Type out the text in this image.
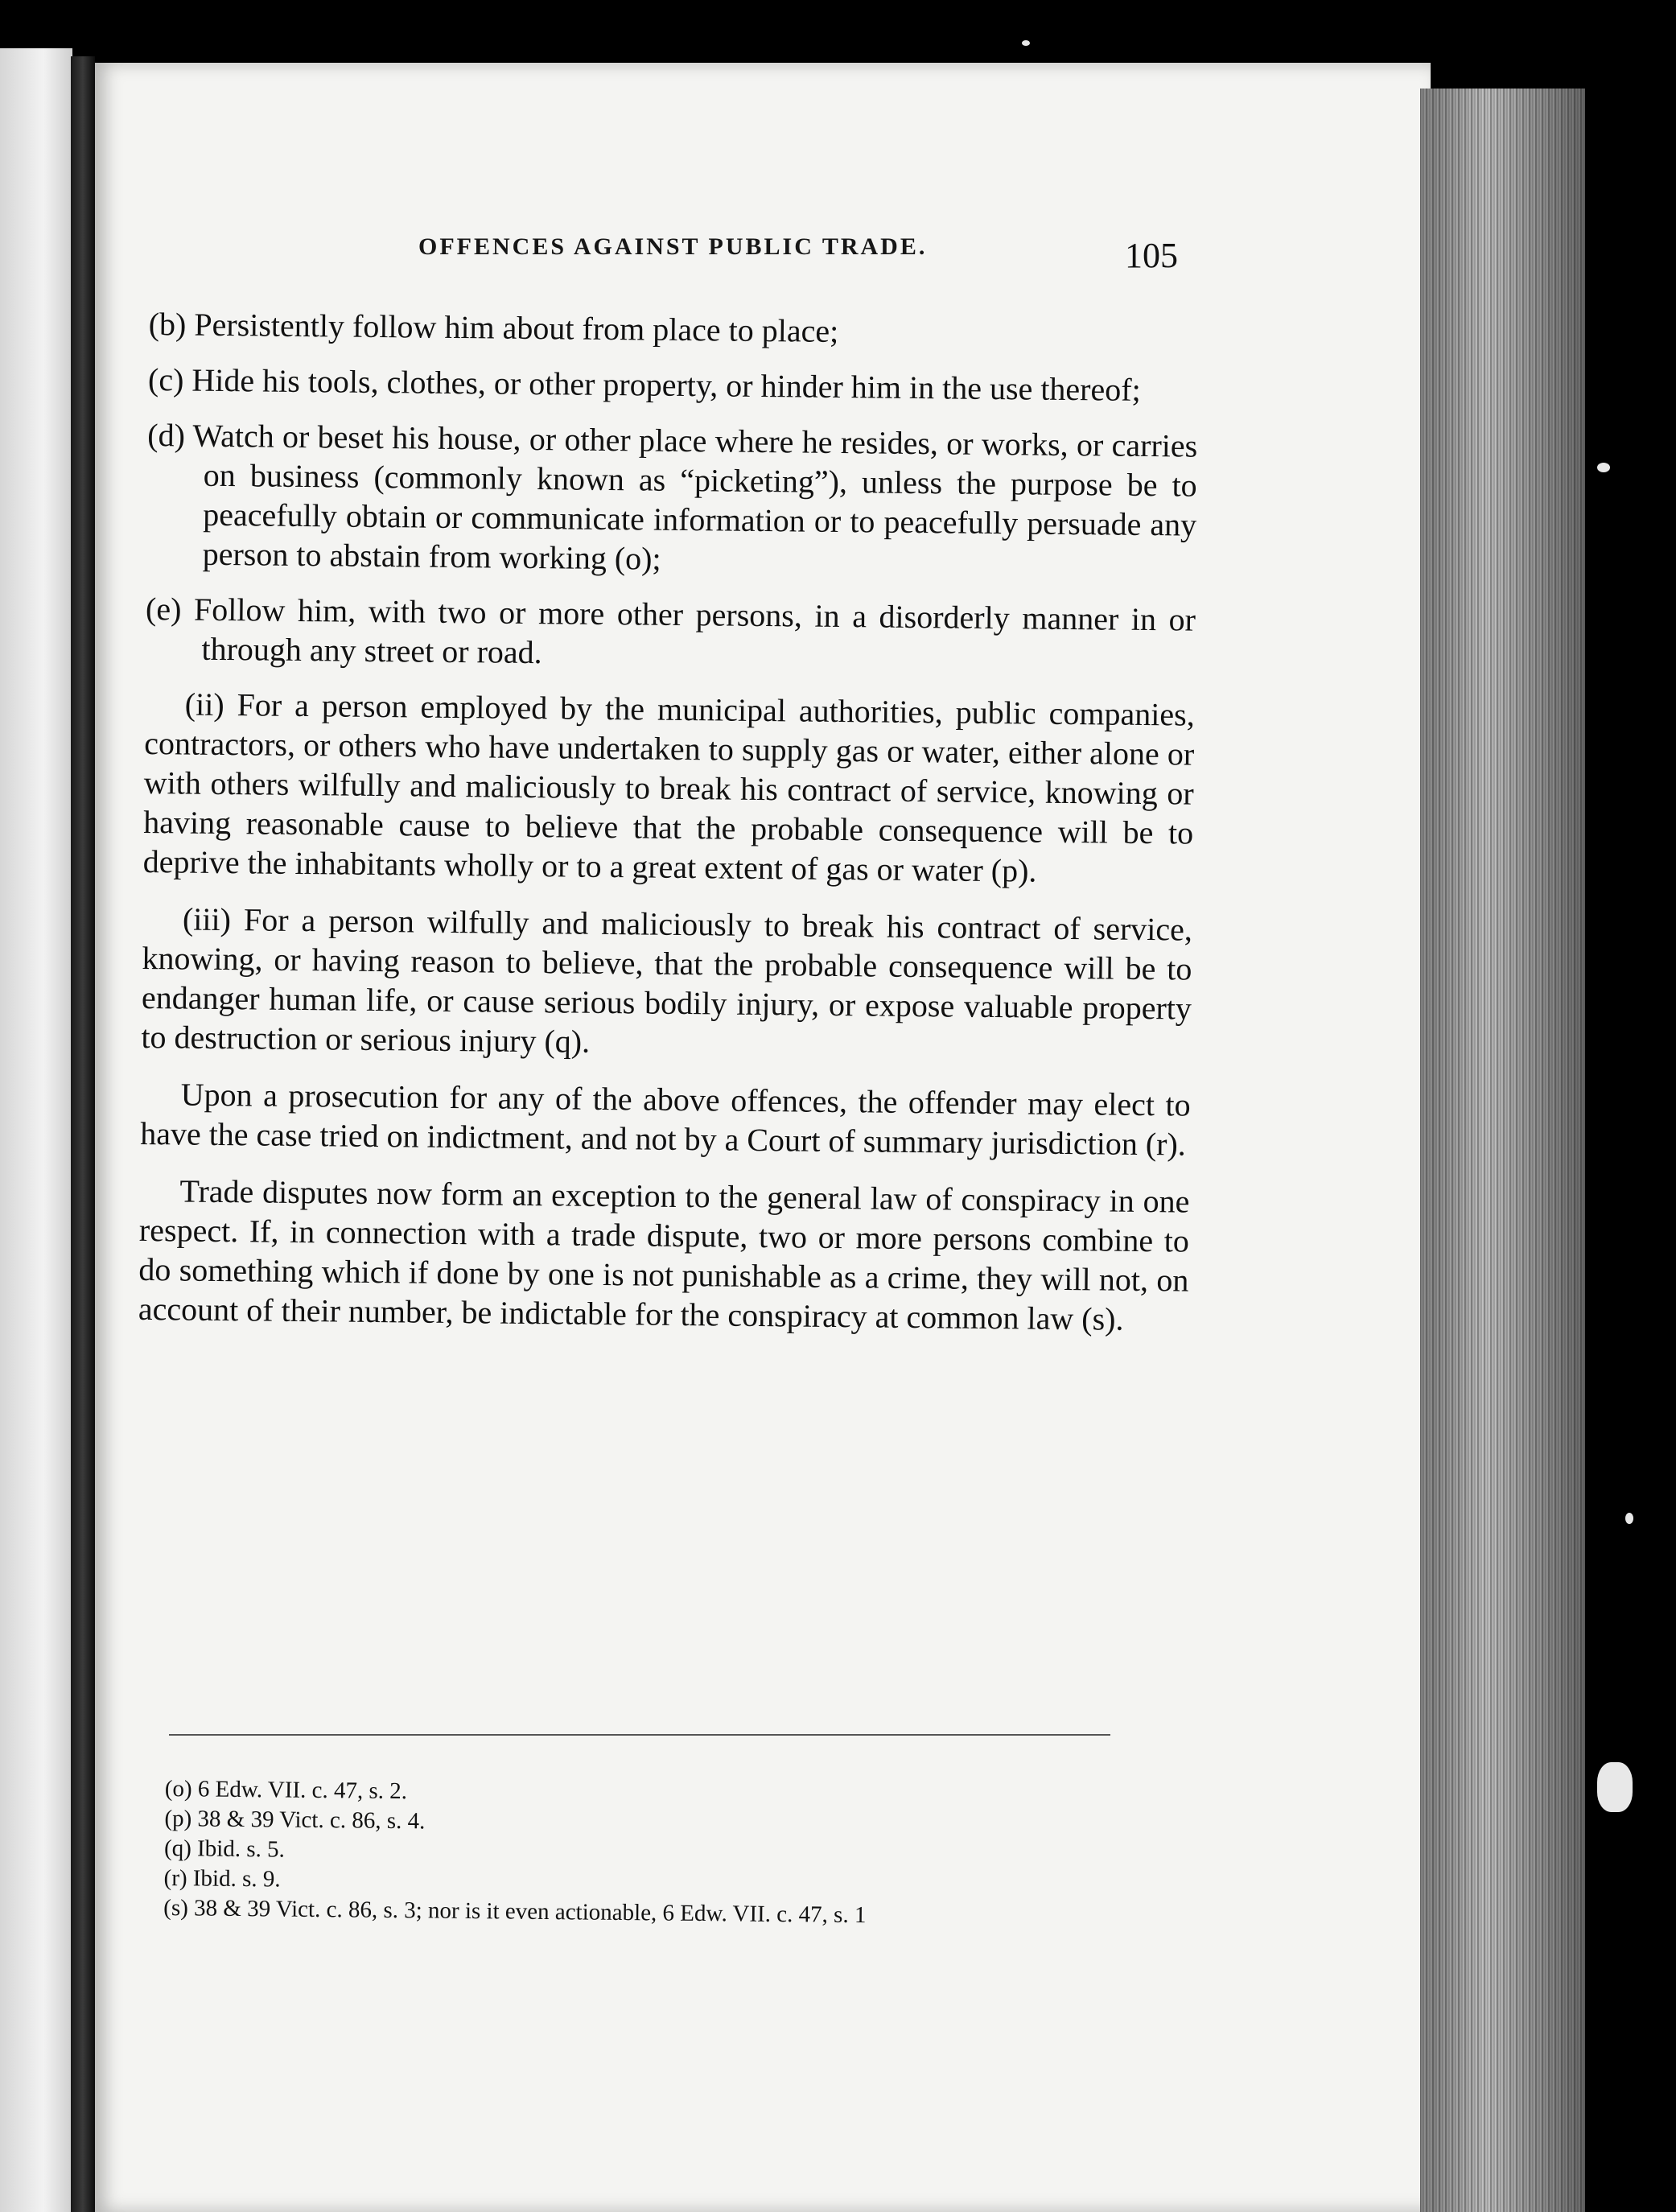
OFFENCES AGAINST PUBLIC TRADE.	105

(b) Persistently follow him about from place to place;

(c) Hide his tools, clothes, or other property, or hinder him in the use thereof;

(d) Watch or beset his house, or other place where he resides, or works, or carries on business (commonly known as “picketing”), unless the purpose be to peacefully obtain or communicate information or to peacefully persuade any person to abstain from working (o);

(e) Follow him, with two or more other persons, in a disorderly manner in or through any street or road.

(ii) For a person employed by the municipal authorities, public companies, contractors, or others who have undertaken to supply gas or water, either alone or with others wilfully and maliciously to break his contract of service, knowing or having reasonable cause to believe that the probable consequence will be to deprive the inhabitants wholly or to a great extent of gas or water (p).

(iii) For a person wilfully and maliciously to break his contract of service, knowing, or having reason to believe, that the probable consequence will be to endanger human life, or cause serious bodily injury, or expose valuable property to destruction or serious injury (q).

Upon a prosecution for any of the above offences, the offender may elect to have the case tried on indictment, and not by a Court of summary jurisdiction (r).

Trade disputes now form an exception to the general law of conspiracy in one respect. If, in connection with a trade dispute, two or more persons combine to do something which if done by one is not punishable as a crime, they will not, on account of their number, be indictable for the conspiracy at common law (s).

(o) 6 Edw. VII. c. 47, s. 2.
(p) 38 & 39 Vict. c. 86, s. 4.
(q) Ibid. s. 5.
(r) Ibid. s. 9.
(s) 38 & 39 Vict. c. 86, s. 3; nor is it even actionable, 6 Edw. VII. c. 47, s. 1
